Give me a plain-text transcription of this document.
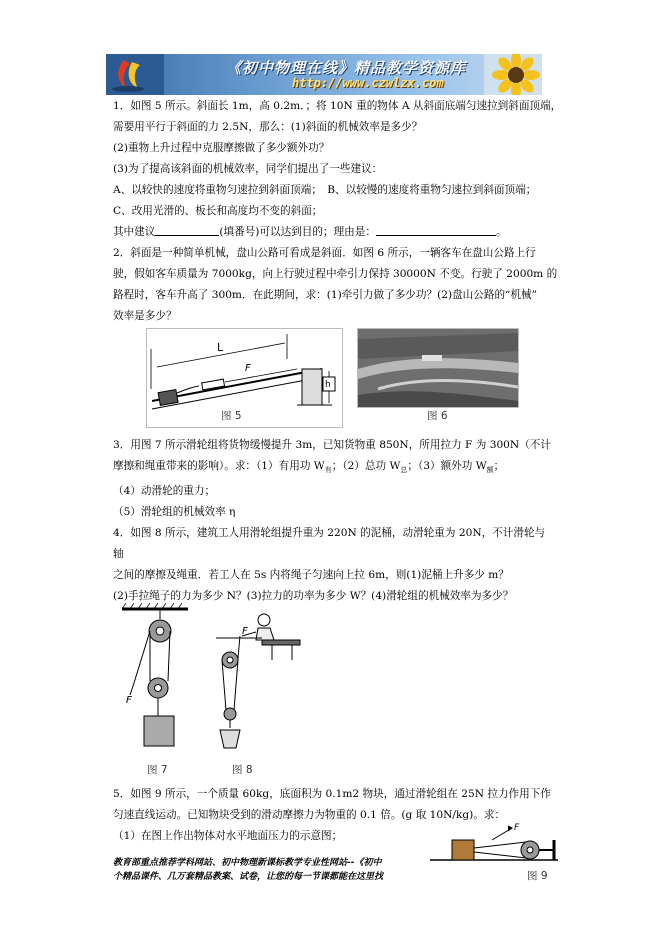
《初中物理在线》精品教学资源库
http://www.czwlzx.com

1．如图 5 所示。斜面长 1m，高 0.2m．；将 10N 重的物体 A 从斜面底端匀速拉到斜面顶端，

需要用平行于斜面的力 2.5N，那么：(1)斜面的机械效率是多少？

(2)重物上升过程中克服摩擦做了多少额外功？

(3)为了提高该斜面的机械效率，同学们提出了一些建议：

A、以较快的速度将重物匀速拉到斜面顶端；　B、以较慢的速度将重物匀速拉到斜面顶端；

C、改用光滑的、板长和高度均不变的斜面；

其中建议	(填番号)可以达到目的；理由是：	。

2．斜面是一种简单机械，盘山公路可看成是斜面．如图 6 所示，一辆客车在盘山公路上行

驶，假如客车质量为 7000kg，向上行驶过程中牵引力保持 30000N 不变。行驶了 2000m 的

路程时，客车升高了 300m．在此期间，求：(1)牵引力做了多少功？(2)盘山公路的“机械”

效率是多少？

3．用图 7 所示滑轮组将货物缓慢提升 3m，已知货物重 850N，所用拉力 F 为 300N（不计

摩擦和绳重带来的影响）。求：（1）有用功 $W_有$；（2）总功 $W_总$；（3）额外功 $W_额$；

（4）动滑轮的重力；

（5）滑轮组的机械效率 η

4．如图 8 所示，建筑工人用滑轮组提升重为 220N 的泥桶，动滑轮重为 20N，不计滑轮与

轴

之间的摩擦及绳重．若工人在 5s 内将绳子匀速向上拉 6m，则(1)泥桶上升多少 m？

(2)手拉绳子的力为多少 N？(3)拉力的功率为多少 W？(4)滑轮组的机械效率为多少？

5．如图 9 所示，一个质量 60kg，底面积为 0.1m2 物块，通过滑轮组在 25N 拉力作用下作

匀速直线运动。已知物块受到的滑动摩擦力为物重的 0.1 倍。(g 取 10N/kg)。求：

（1）在图上作出物体对水平地面压力的示意图；

L
F
h
图 5	图 6
F
图 7
F
图 8
F
图 9
教育部重点推荐学科网站、初中物理新课标教学专业性网站--《初中
个精品课件、几万套精品教案、试卷，让您的每一节课都能在这里找
